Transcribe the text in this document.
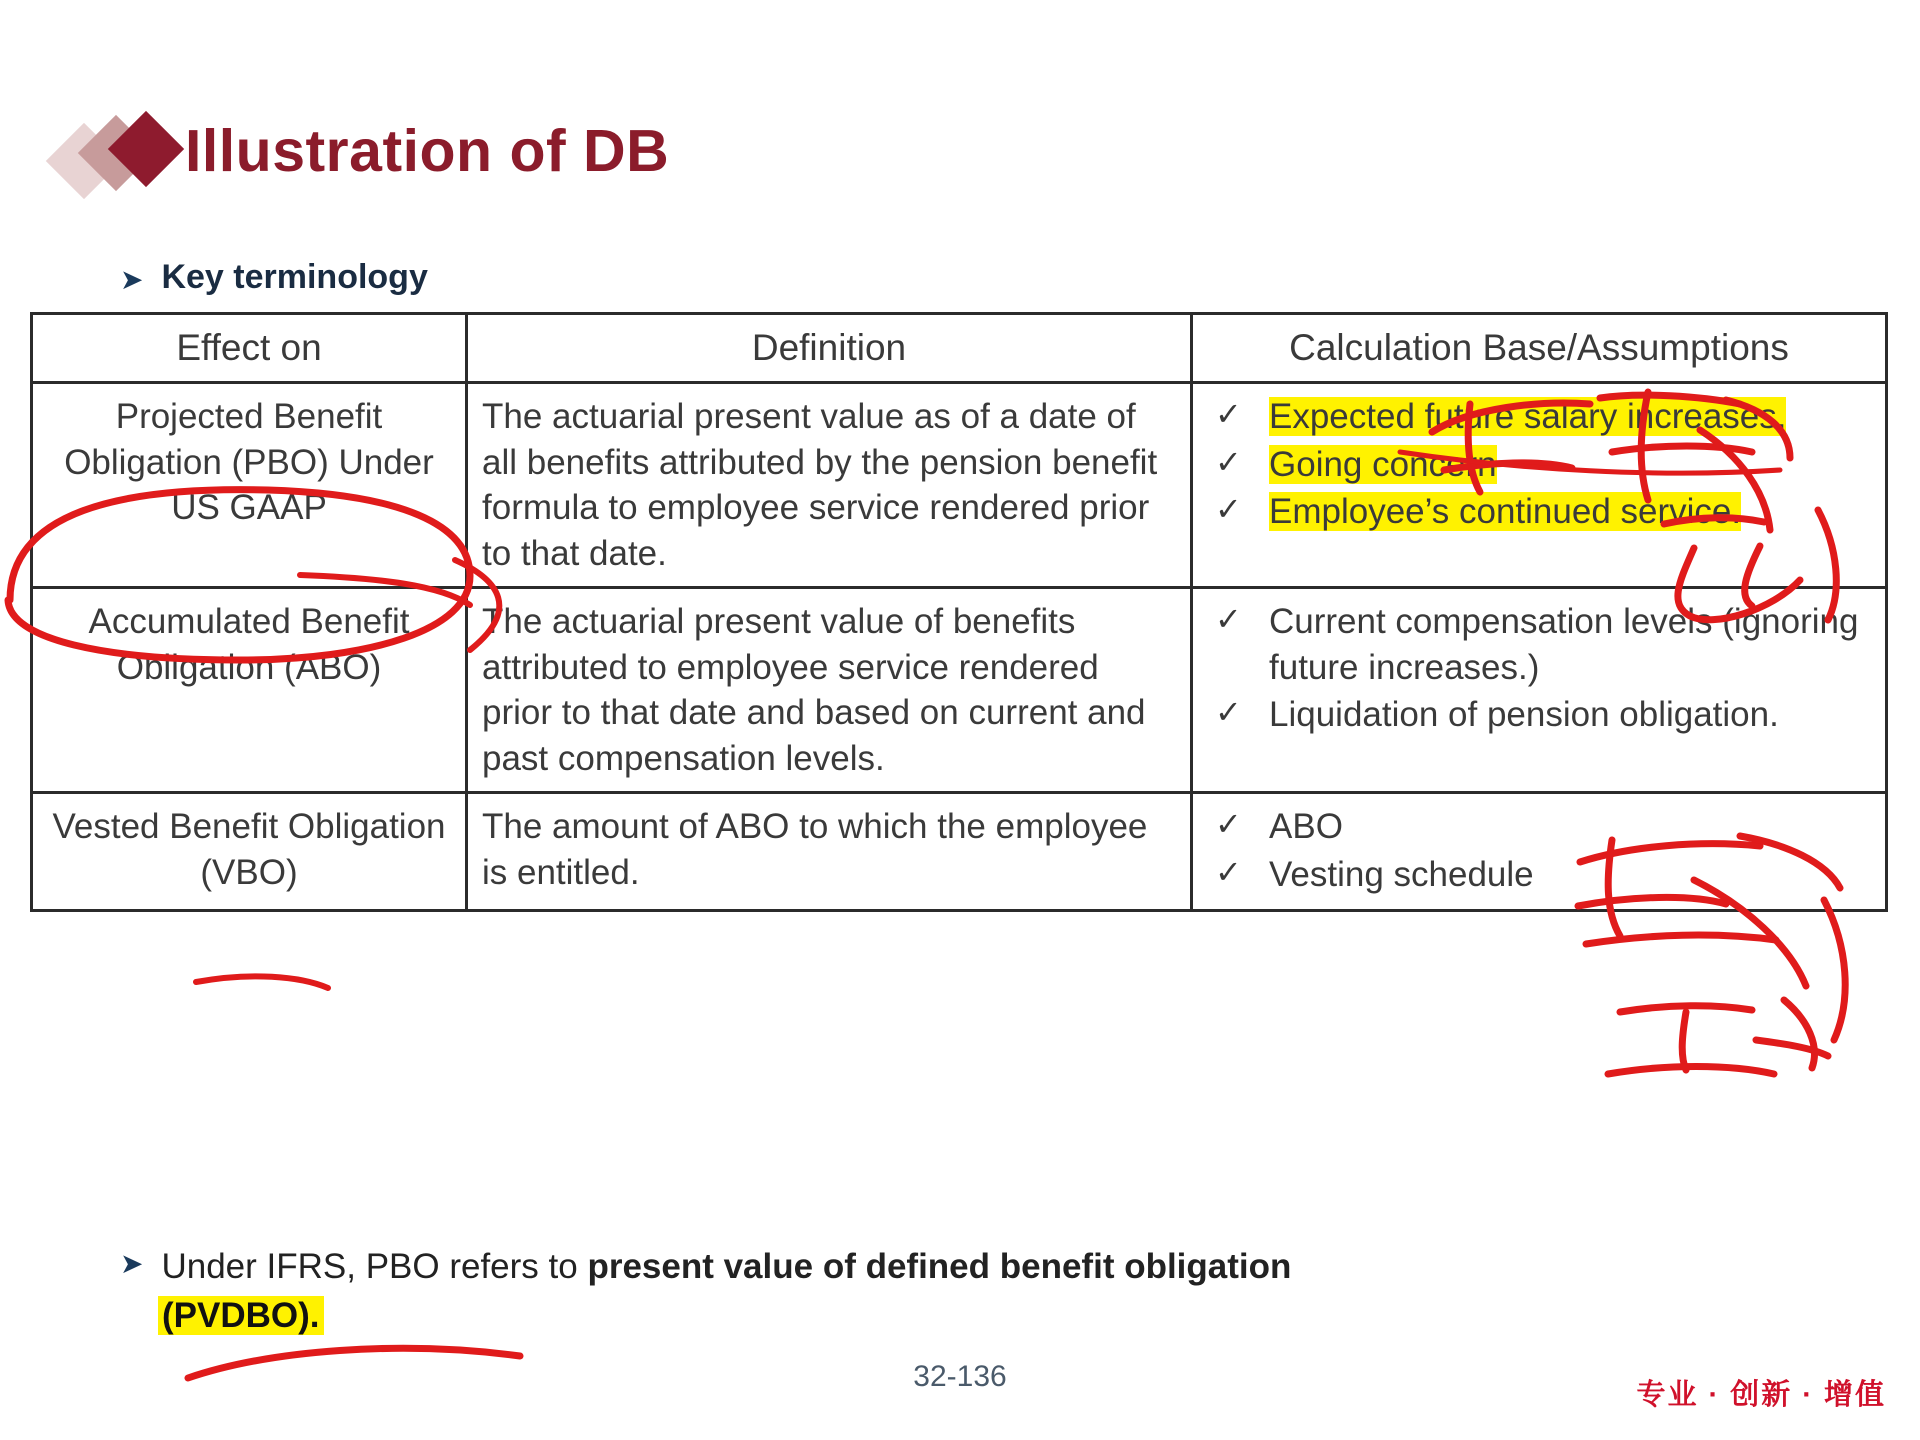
Illustration of DB
➤ Key terminology
Effect on	Definition	Calculation Base/Assumptions
Projected Benefit Obligation (PBO) Under US GAAP	The actuarial present value as of a date of all benefits attributed by the pension benefit formula to employee service rendered prior to that date.	
✓ Expected future salary increases.
✓ Going concern
✓ Employee’s continued service.

Accumulated Benefit Obligation (ABO)	The actuarial present value of benefits attributed to employee service rendered prior to that date and based on current and past compensation levels.	
✓ Current compensation levels (ignoring future increases.)
✓ Liquidation of pension obligation.

Vested Benefit Obligation (VBO)	The amount of ABO to which the employee is entitled.	
✓ ABO
✓ Vesting schedule
➤ Under IFRS, PBO refers to present value of defined benefit obligation
(PVDBO).
32-136
专业 · 创新 · 增值
